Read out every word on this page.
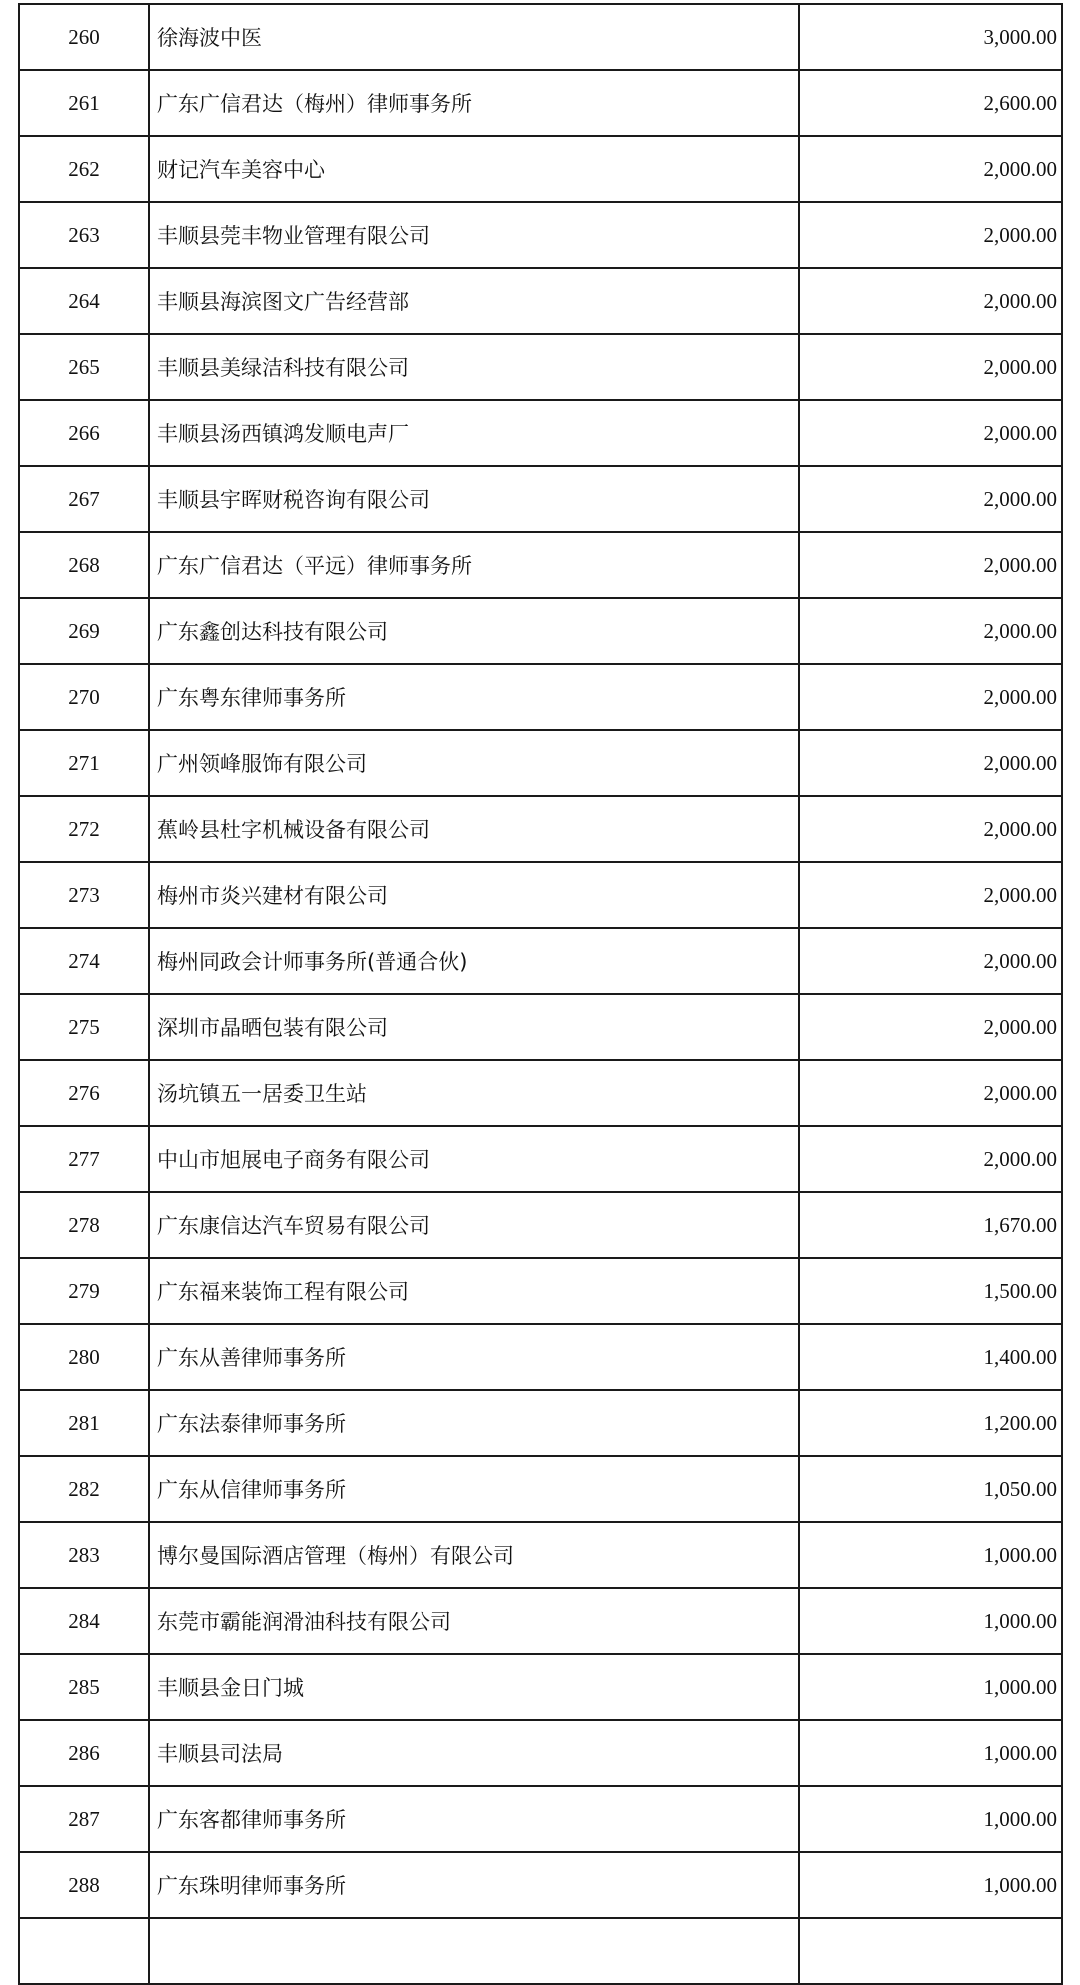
260	徐海波中医	3,000.00
261	广东广信君达（梅州）律师事务所	2,600.00
262	财记汽车美容中心	2,000.00
263	丰顺县莞丰物业管理有限公司	2,000.00
264	丰顺县海滨图文广告经营部	2,000.00
265	丰顺县美绿洁科技有限公司	2,000.00
266	丰顺县汤西镇鸿发顺电声厂	2,000.00
267	丰顺县宇晖财税咨询有限公司	2,000.00
268	广东广信君达（平远）律师事务所	2,000.00
269	广东鑫创达科技有限公司	2,000.00
270	广东粤东律师事务所	2,000.00
271	广州领峰服饰有限公司	2,000.00
272	蕉岭县杜字机械设备有限公司	2,000.00
273	梅州市炎兴建材有限公司	2,000.00
274	梅州同政会计师事务所(普通合伙)	2,000.00
275	深圳市晶晒包装有限公司	2,000.00
276	汤坑镇五一居委卫生站	2,000.00
277	中山市旭展电子商务有限公司	2,000.00
278	广东康信达汽车贸易有限公司	1,670.00
279	广东福来装饰工程有限公司	1,500.00
280	广东从善律师事务所	1,400.00
281	广东法泰律师事务所	1,200.00
282	广东从信律师事务所	1,050.00
283	博尔曼国际酒店管理（梅州）有限公司	1,000.00
284	东莞市霸能润滑油科技有限公司	1,000.00
285	丰顺县金日门城	1,000.00
286	丰顺县司法局	1,000.00
287	广东客都律师事务所	1,000.00
288	广东珠明律师事务所	1,000.00
